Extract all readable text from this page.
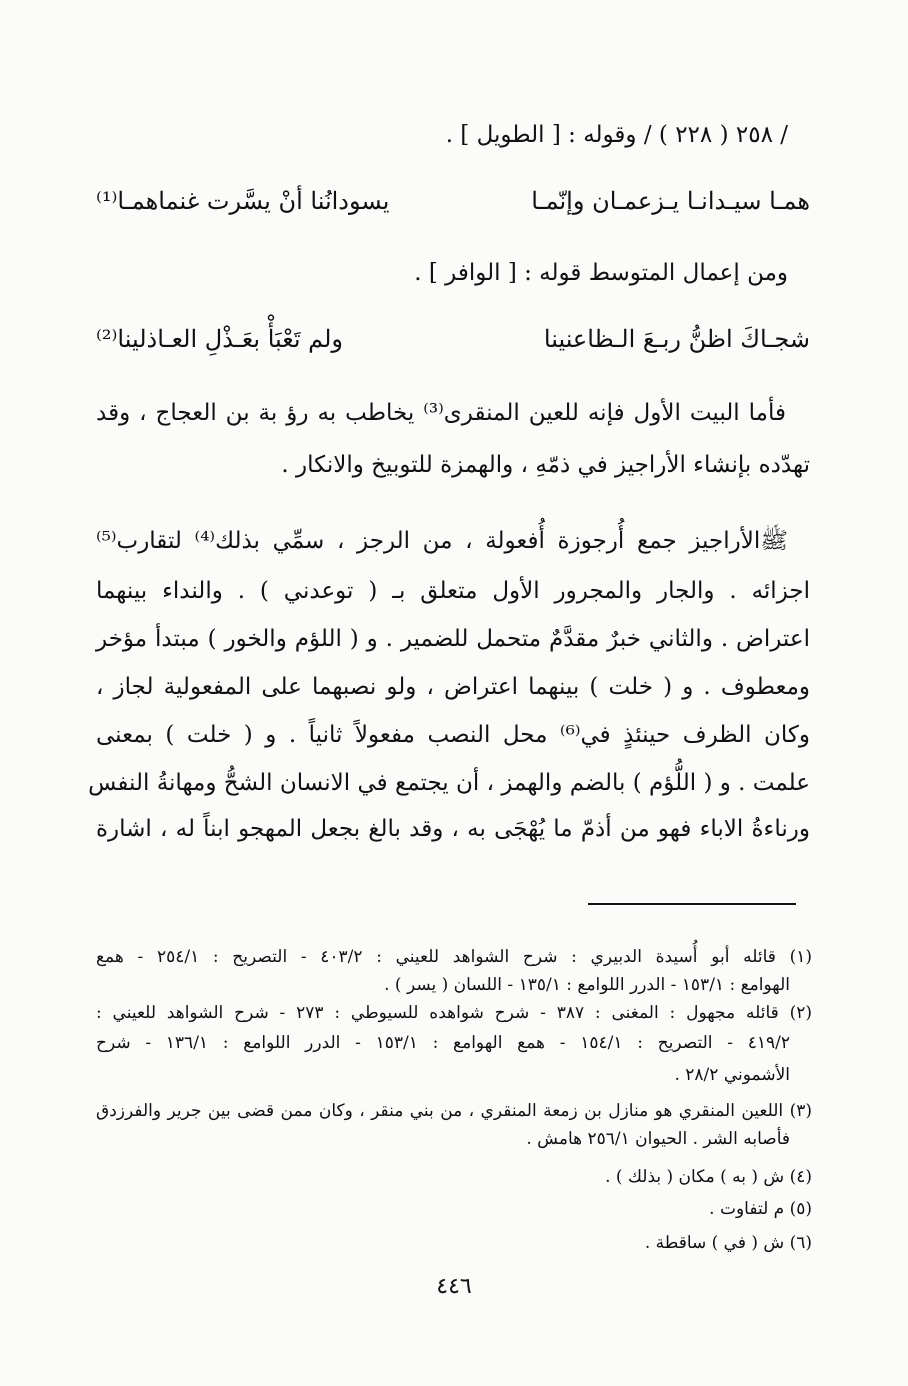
/ ٢٥٨ ( ٢٢٨ ) / وقوله : [ الطويل ] .
همـا سيـدانـا يـزعمـان وإنّمـا
يسودانُنا أنْ يسَّرت غنماهمـا⁽¹⁾
ومن إعمال المتوسط قوله : [ الوافر ] .
شجـاكَ اظنُّ ربـعَ الـظاعنينا
ولم تَعْبَأْ بعَـذْلِ العـاذلينا⁽²⁾
فأما البيت الأول فإنه للعين المنقرى⁽³⁾ يخاطب به رؤ بة بن العجاج ، وقد
تهدّده بإنشاء الأراجيز في ذمّهِ ، والهمزة للتوبيخ والانكار .
ﷺالأراجيز جمع أُرجوزة أُفعولة ، من الرجز ، سمِّي بذلك⁽⁴⁾ لتقارب⁽⁵⁾
اجزائه . والجار والمجرور الأول متعلق بـ ( توعدني ) . والنداء بينهما
اعتراض . والثاني خبرٌ مقدَّمٌ متحمل للضمير . و ( اللؤم والخور ) مبتدأ مؤخر
ومعطوف . و ( خلت ) بينهما اعتراض ، ولو نصبهما على المفعولية لجاز ،
وكان الظرف حينئذٍ في⁽⁶⁾ محل النصب مفعولاً ثانياً . و ( خلت ) بمعنى
علمت . و ( اللُّؤم ) بالضم والهمز ، أن يجتمع في الانسان الشحُّ ومهانةُ النفس
ورناءةُ الاباء فهو من أذمّ ما يُهْجَى به ، وقد بالغ بجعل المهجو ابناً له ، اشارة
(١) قائله أبو أُسيدة الدبيري : شرح الشواهد للعيني : ٤٠٣/٢ - التصريح : ٢٥٤/١ - همع
الهوامع : ١٥٣/١ - الدرر اللوامع : ١٣٥/١ - اللسان ( يسر ) .
(٢) قائله مجهول : المغنى : ٣٨٧ - شرح شواهده للسيوطي : ٢٧٣ - شرح الشواهد للعيني :
٤١٩/٢ - التصريح : ١٥٤/١ - همع الهوامع : ١٥٣/١ - الدرر اللوامع : ١٣٦/١ - شرح
الأشموني ٢٨/٢ .
(٣) اللعين المنقري هو منازل بن زمعة المنقري ، من بني منقر ، وكان ممن قضى بين جرير والفرزدق
فأصابه الشر . الحيوان ٢٥٦/١ هامش .
(٤) ش ( به ) مكان ( بذلك ) .
(٥) م لتفاوت .
(٦) ش ( في ) ساقطة .
٤٤٦
